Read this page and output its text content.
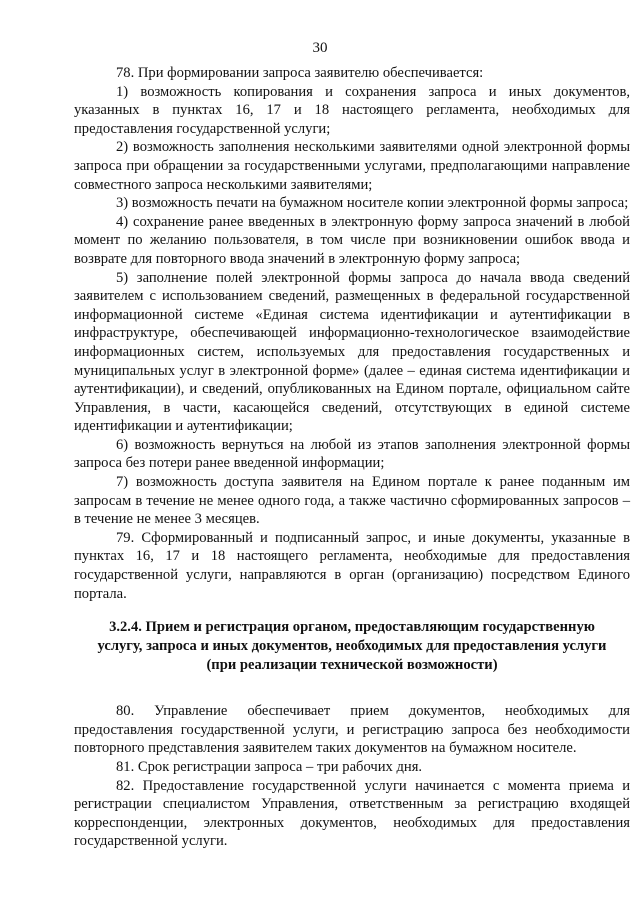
30

78. При формировании запроса заявителю обеспечивается:

1) возможность копирования и сохранения запроса и иных документов, указанных в пунктах 16, 17 и 18 настоящего регламента, необходимых для предоставления государственной услуги;

2) возможность заполнения несколькими заявителями одной электронной формы запроса при обращении за государственными услугами, предполагающими направление совместного запроса несколькими заявителями;

3) возможность печати на бумажном носителе копии электронной формы запроса;

4) сохранение ранее введенных в электронную форму запроса значений в любой момент по желанию пользователя, в том числе при возникновении ошибок ввода и возврате для повторного ввода значений в электронную форму запроса;

5) заполнение полей электронной формы запроса до начала ввода сведений заявителем с использованием сведений, размещенных в федеральной государственной информационной системе «Единая система идентификации и аутентификации в инфраструктуре, обеспечивающей информационно-технологическое взаимодействие информационных систем, используемых для предоставления государственных и муниципальных услуг в электронной форме» (далее – единая система идентификации и аутентификации), и сведений, опубликованных на Едином портале, официальном сайте Управления, в части, касающейся сведений, отсутствующих в единой системе идентификации и аутентификации;

6) возможность вернуться на любой из этапов заполнения электронной формы запроса без потери ранее введенной информации;

7) возможность доступа заявителя на Едином портале к ранее поданным им запросам в течение не менее одного года, а также частично сформированных запросов – в течение не менее 3 месяцев.

79. Сформированный и подписанный запрос, и иные документы, указанные в пунктах 16, 17 и 18 настоящего регламента, необходимые для предоставления государственной услуги, направляются в орган (организацию) посредством Единого портала.

3.2.4. Прием и регистрация органом, предоставляющим государственную
услугу, запроса и иных документов, необходимых для предоставления услуги
(при реализации технической возможности)

80. Управление обеспечивает прием документов, необходимых для предоставления государственной услуги, и регистрацию запроса без необходимости повторного представления заявителем таких документов на бумажном носителе.

81. Срок регистрации запроса – три рабочих дня.

82. Предоставление государственной услуги начинается с момента приема и регистрации специалистом Управления, ответственным за регистрацию входящей корреспонденции, электронных документов, необходимых для предоставления государственной услуги.
